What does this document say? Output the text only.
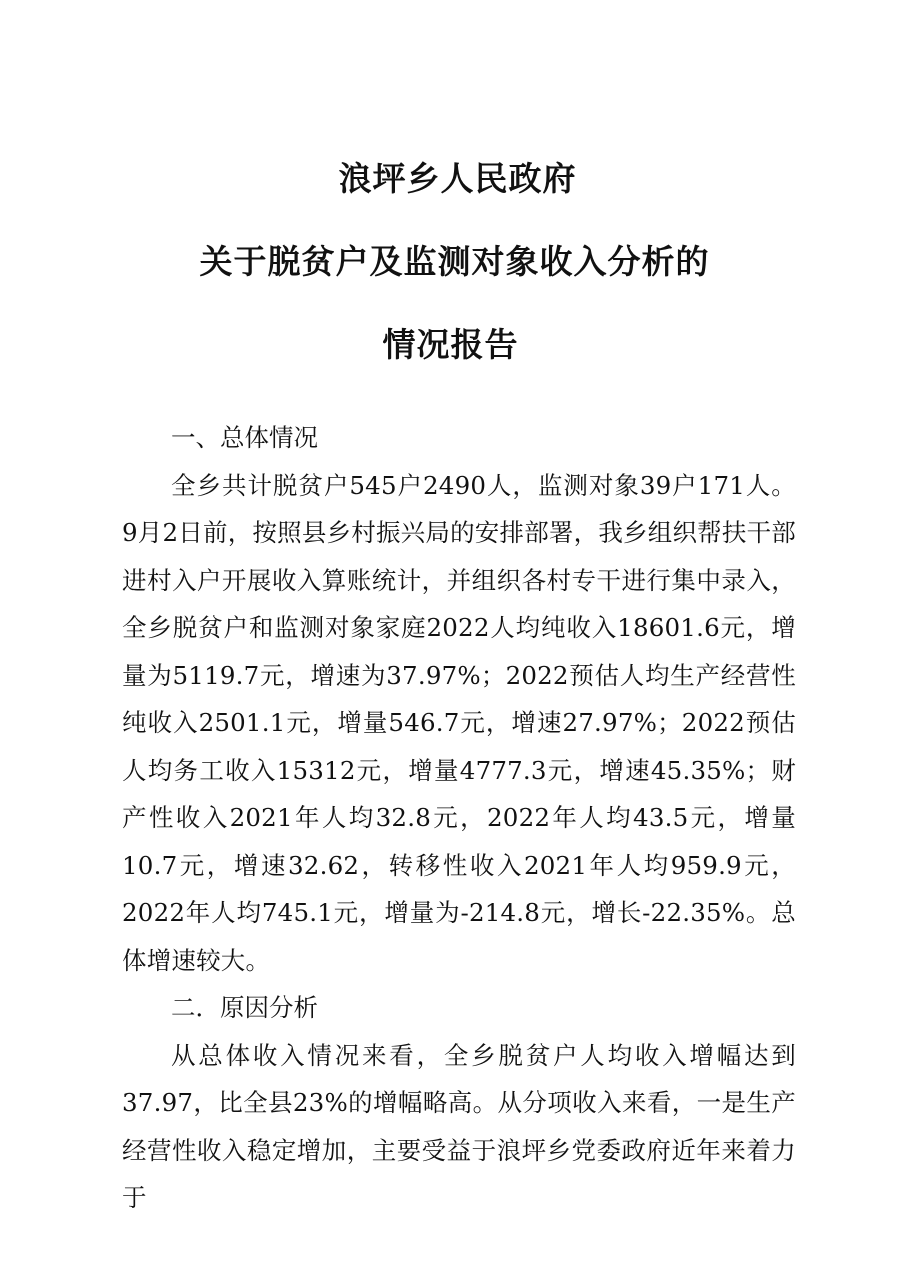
浪坪乡人民政府
关于脱贫户及监测对象收入分析的
情况报告

一、总体情况

全乡共计脱贫户545户2490人，监测对象39户171人。9月2日前，按照县乡村振兴局的安排部署，我乡组织帮扶干部进村入户开展收入算账统计，并组织各村专干进行集中录入，全乡脱贫户和监测对象家庭2022人均纯收入18601.6元，增量为5119.7元，增速为37.97%；2022预估人均生产经营性纯收入2501.1元，增量546.7元，增速27.97%；2022预估人均务工收入15312元，增量4777.3元，增速45.35%；财产性收入2021年人均32.8元，2022年人均43.5元，增量10.7元，增速32.62，转移性收入2021年人均959.9元，2022年人均745.1元，增量为-214.8元，增长-22.35%。总体增速较大。

二．原因分析

从总体收入情况来看，全乡脱贫户人均收入增幅达到37.97，比全县23%的增幅略高。从分项收入来看，一是生产经营性收入稳定增加，主要受益于浪坪乡党委政府近年来着力于
